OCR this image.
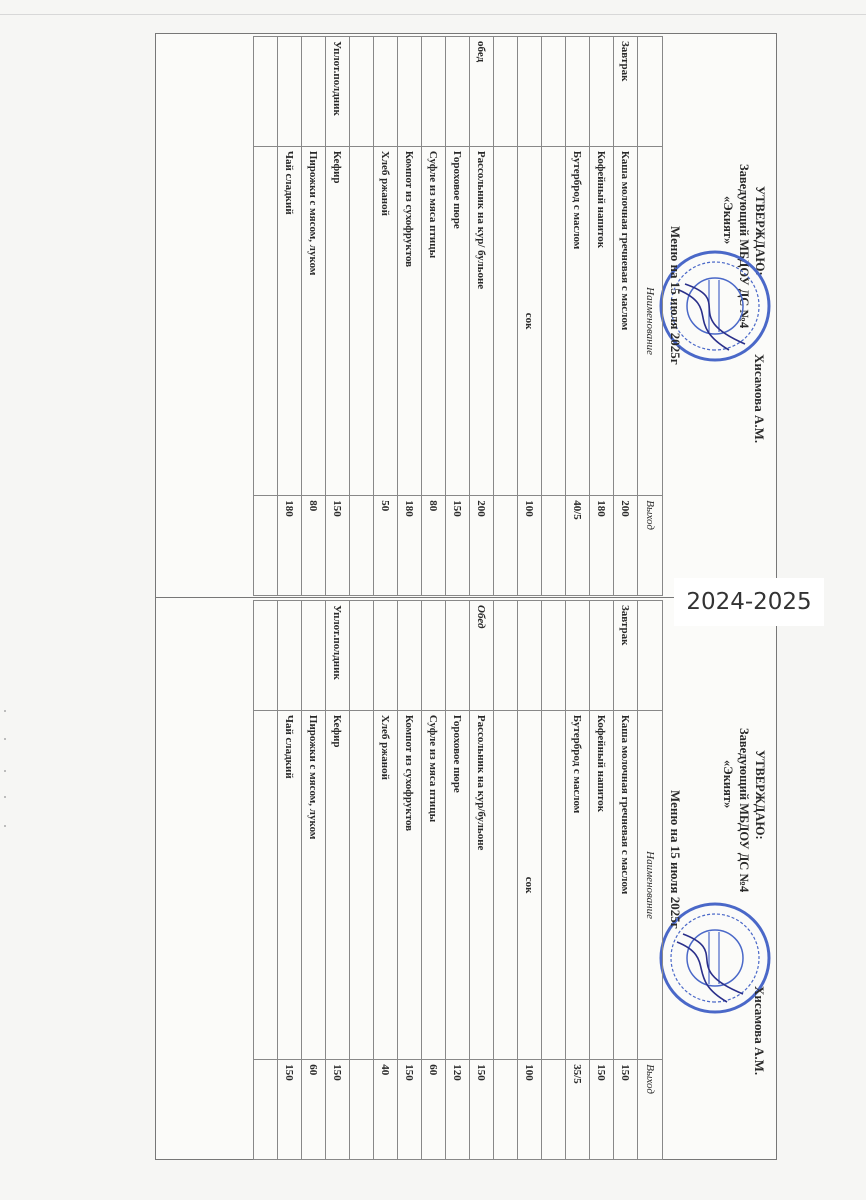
УТВЕРЖДАЮ:
Заведующий МБДОУ ДС №4
«Экият»
Хисамова А.М.
Меню на 15 июля 2025г
	Наименование	Выход
Завтрак	Каша молочная гречневая с маслом	200
	Кофейный напиток	180
	Бутерброд с маслом	40/5

	сок	100

обед	Рассольник на кур/ бульоне	200
	Гороховое пюре	150
	Суфле из мяса птицы	80
	Компот из сухофруктов	180
	Хлеб ржаной	50

Уплот.полдник	Кефир	150
	Пирожки с мясом, луком	80
	Чай сладкий	180

УТВЕРЖДАЮ:
Заведующий МБДОУ ДС №4
«Экият»
Хисамова А.М.
Меню на 15 июля 2025г
	Наименование	Выход
Завтрак	Каша молочная гречневая с маслом	150
	Кофейный напиток	150
	Бутерброд с маслом	35/5

	сок	100

Обед	Рассольник на кур/бульоне	150
	Гороховое пюре	120
	Суфле из мяса птицы	60
	Компот из сухофруктов	150
	Хлеб ржаной	40

Уплот.полдник	Кефир	150
	Пирожки с мясом, луком	60
	Чай сладкий	150

2024-2025
